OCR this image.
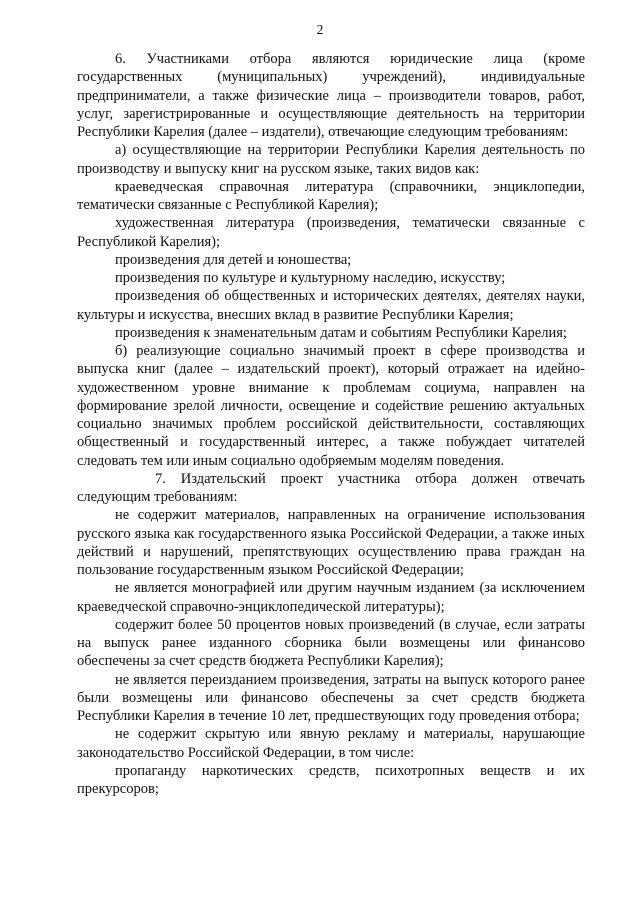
2

6. Участниками отбора являются юридические лица (кроме государственных (муниципальных) учреждений), индивидуальные предприниматели, а также физические лица – производители товаров, работ, услуг, зарегистрированные и осуществляющие деятельность на территории Республики Карелия (далее – издатели), отвечающие следующим требованиям:

а) осуществляющие на территории Республики Карелия деятельность по производству и выпуску книг на русском языке, таких видов как:

краеведческая справочная литература (справочники, энциклопедии, тематически связанные с Республикой Карелия);

художественная литература (произведения, тематически связанные с Республикой Карелия);

произведения для детей и юношества;

произведения по культуре и культурному наследию, искусству;

произведения об общественных и исторических деятелях, деятелях науки, культуры и искусства, внесших вклад в развитие Республики Карелия;

произведения к знаменательным датам и событиям Республики Карелия;

б) реализующие социально значимый проект в сфере производства и выпуска книг (далее – издательский проект), который отражает на идейно-художественном уровне внимание к проблемам социума, направлен на формирование зрелой личности, освещение и содействие решению актуальных социально значимых проблем российской действительности, составляющих общественный и государственный интерес, а также побуждает читателей следовать тем или иным социально одобряемым моделям поведения.

7. Издательский проект участника отбора должен отвечать следующим требованиям:

не содержит материалов, направленных на ограничение использования русского языка как государственного языка Российской Федерации, а также иных действий и нарушений, препятствующих осуществлению права граждан на пользование государственным языком Российской Федерации;

не является монографией или другим научным изданием (за исключением краеведческой справочно-энциклопедической литературы);

содержит более 50 процентов новых произведений (в случае, если затраты на выпуск ранее изданного сборника были возмещены или финансово обеспечены за счет средств бюджета Республики Карелия);

не является переизданием произведения, затраты на выпуск которого ранее были возмещены или финансово обеспечены за счет средств бюджета Республики Карелия в течение 10 лет, предшествующих году проведения отбора;

не содержит скрытую или явную рекламу и материалы, нарушающие законодательство Российской Федерации, в том числе:

пропаганду наркотических средств, психотропных веществ и их прекурсоров;
